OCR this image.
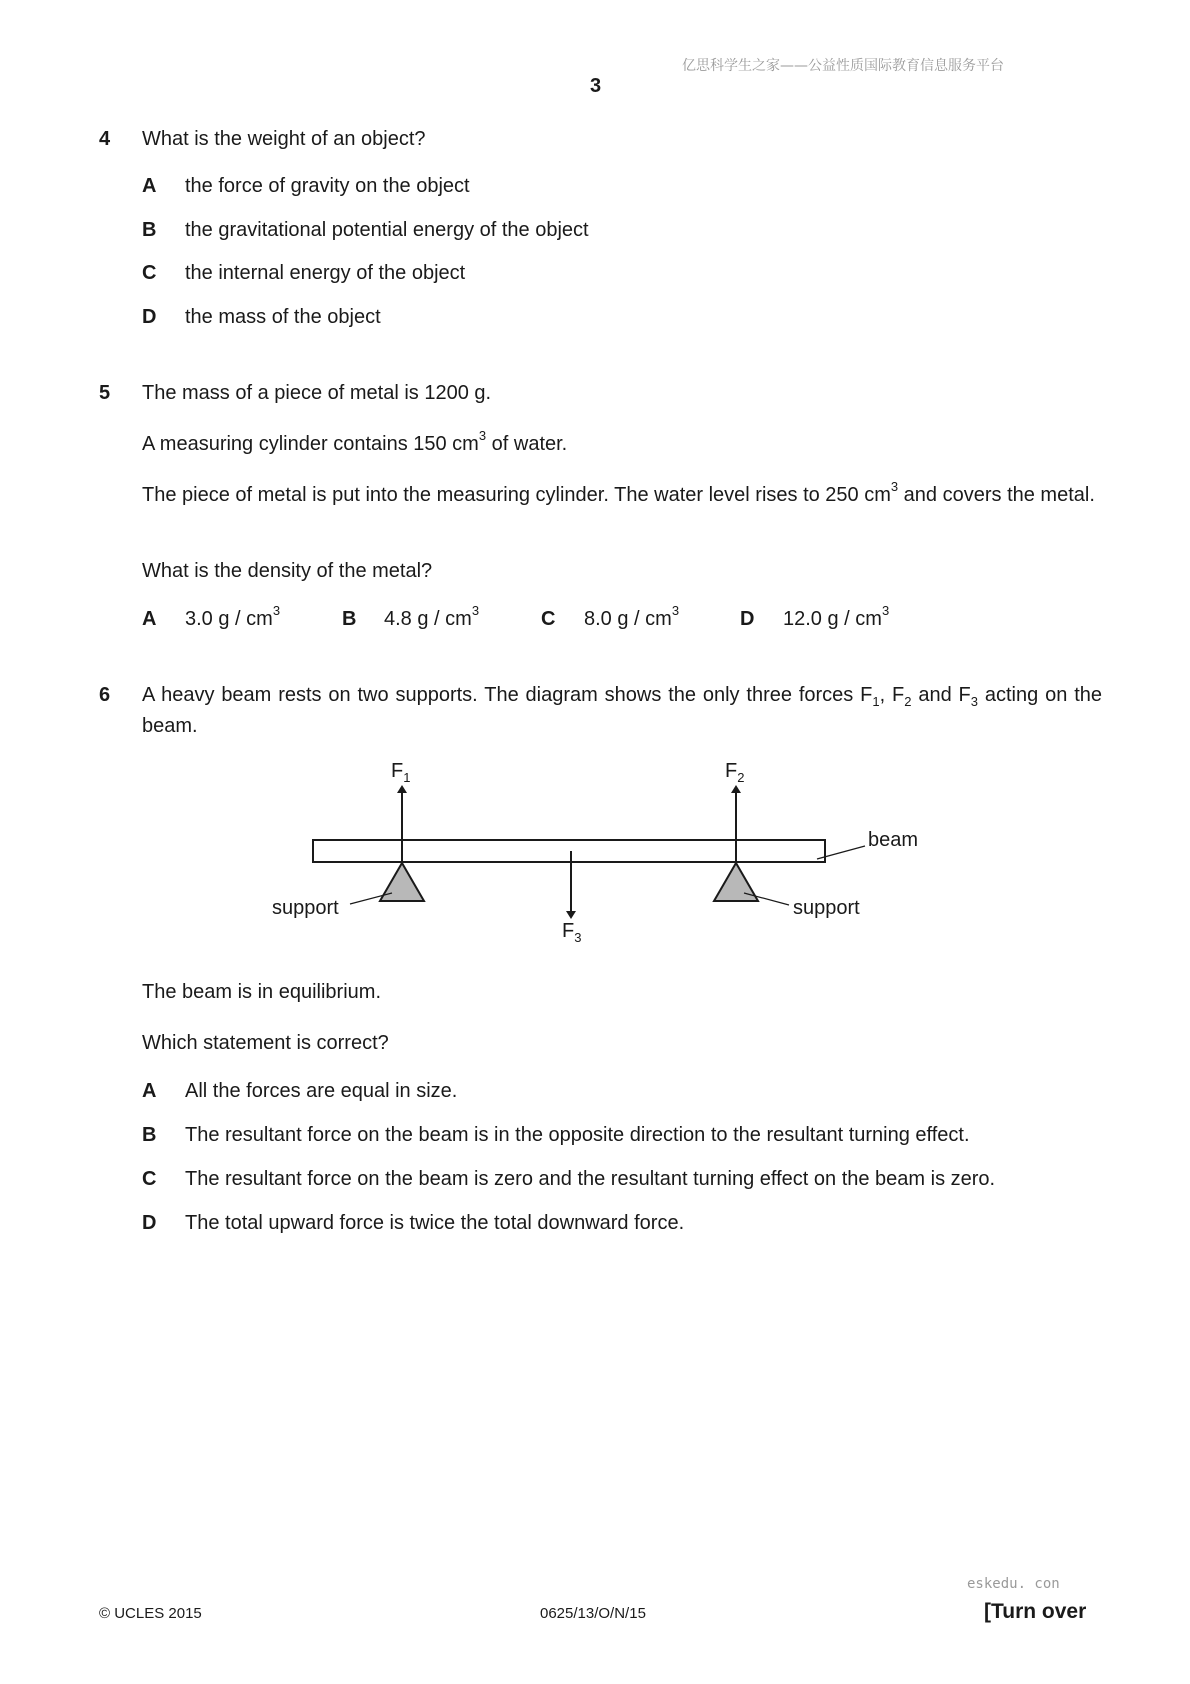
亿思科学生之家——公益性质国际教育信息服务平台
3
4 What is the weight of an object?
A the force of gravity on the object
B the gravitational potential energy of the object
C the internal energy of the object
D the mass of the object
5 The mass of a piece of metal is 1200 g.
A measuring cylinder contains 150 $cm^3$ of water.
The piece of metal is put into the measuring cylinder. The water level rises to 250 $cm^3$ and covers the metal.
What is the density of the metal?
A 3.0 g / $cm^3$	B 4.8 g / $cm^3$	C 8.0 g / $cm^3$	D 12.0 g / $cm^3$
6 A heavy beam rests on two supports. The diagram shows the only three forces $F_1$, $F_2$ and $F_3$ acting on the beam.
$F_1$	$F_2$
$F_3$
beam
support	support
The beam is in equilibrium.
Which statement is correct?
A All the forces are equal in size.
B The resultant force on the beam is in the opposite direction to the resultant turning effect.
C The resultant force on the beam is zero and the resultant turning effect on the beam is zero.
D The total upward force is twice the total downward force.
eskedu. con
© UCLES 2015	0625/13/O/N/15	[Turn over
